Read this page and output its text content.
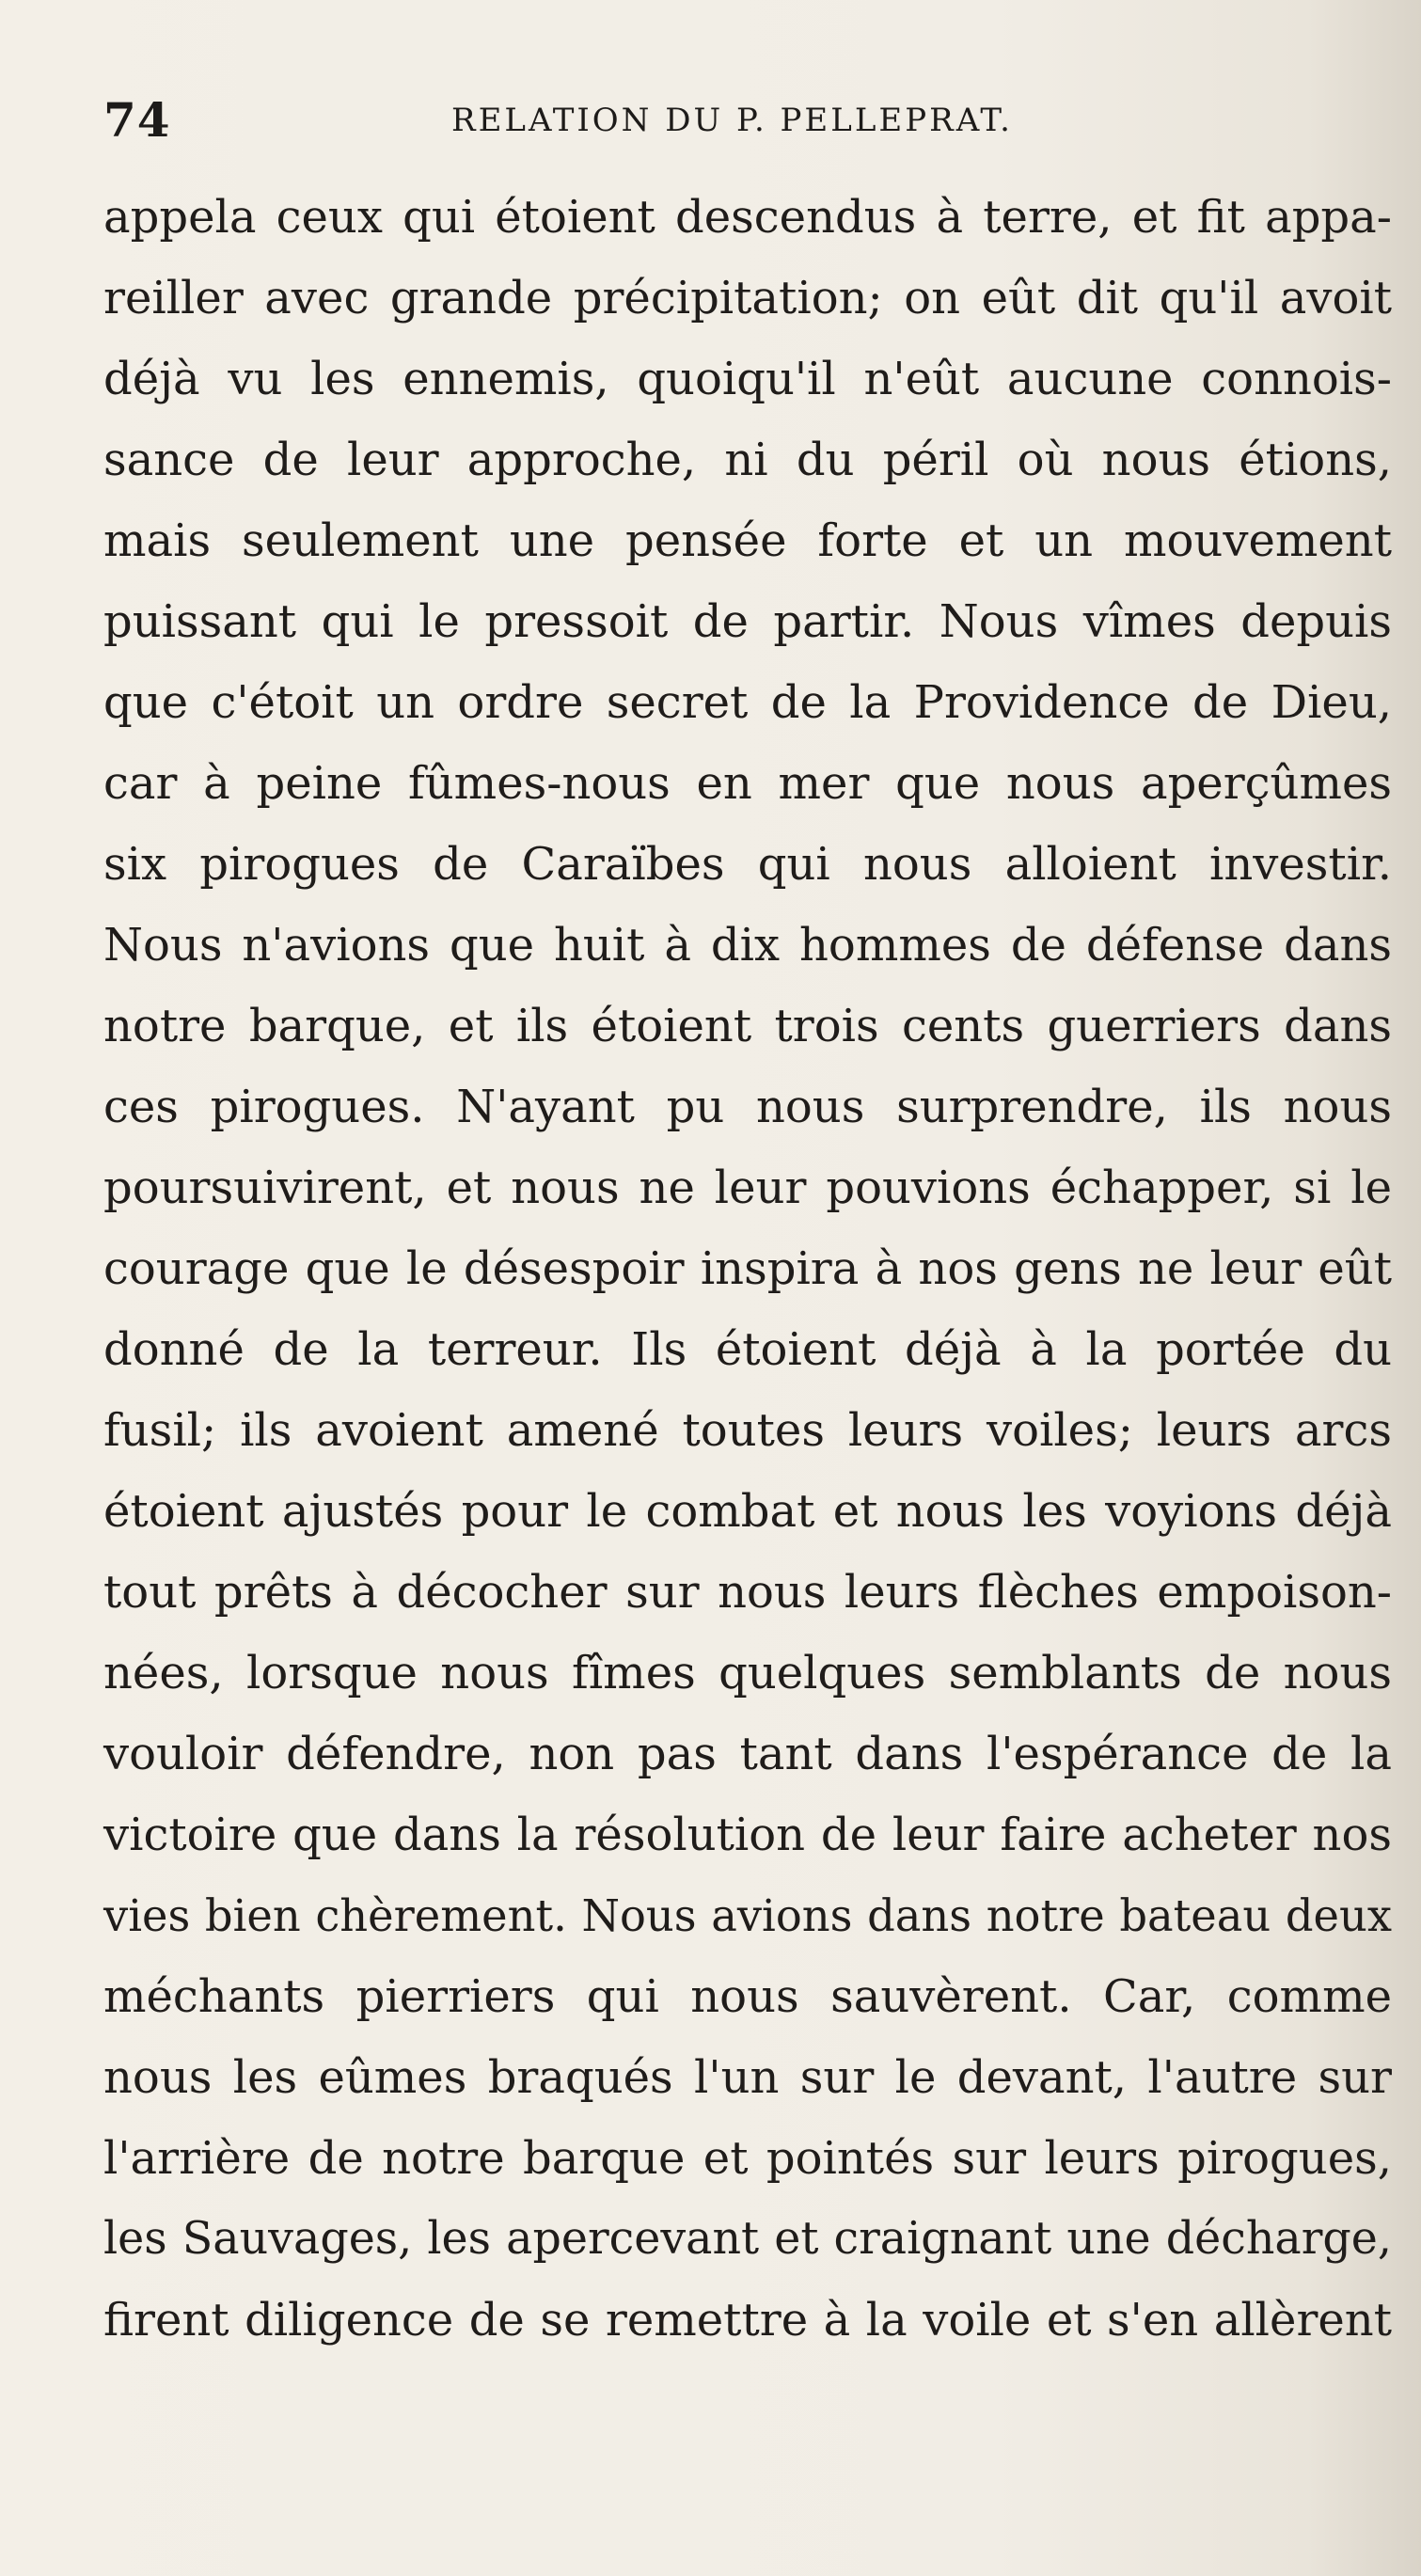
74	RELATION DU P. PELLEPRAT.
appela ceux qui étoient descendus à terre, et fit appa-
reiller avec grande précipitation; on eût dit qu'il avoit
déjà vu les ennemis, quoiqu'il n'eût aucune connois-
sance de leur approche, ni du péril où nous étions,
mais seulement une pensée forte et un mouvement
puissant qui le pressoit de partir. Nous vîmes depuis
que c'étoit un ordre secret de la Providence de Dieu,
car à peine fûmes-nous en mer que nous aperçûmes
six pirogues de Caraïbes qui nous alloient investir.
Nous n'avions que huit à dix hommes de défense dans
notre barque, et ils étoient trois cents guerriers dans
ces pirogues. N'ayant pu nous surprendre, ils nous
poursuivirent, et nous ne leur pouvions échapper, si le
courage que le désespoir inspira à nos gens ne leur eût
donné de la terreur. Ils étoient déjà à la portée du
fusil; ils avoient amené toutes leurs voiles; leurs arcs
étoient ajustés pour le combat et nous les voyions déjà
tout prêts à décocher sur nous leurs flèches empoison-
nées, lorsque nous fîmes quelques semblants de nous
vouloir défendre, non pas tant dans l'espérance de la
victoire que dans la résolution de leur faire acheter nos
vies bien chèrement. Nous avions dans notre bateau deux
méchants pierriers qui nous sauvèrent. Car, comme
nous les eûmes braqués l'un sur le devant, l'autre sur
l'arrière de notre barque et pointés sur leurs pirogues,
les Sauvages, les apercevant et craignant une décharge,
firent diligence de se remettre à la voile et s'en allèrent
